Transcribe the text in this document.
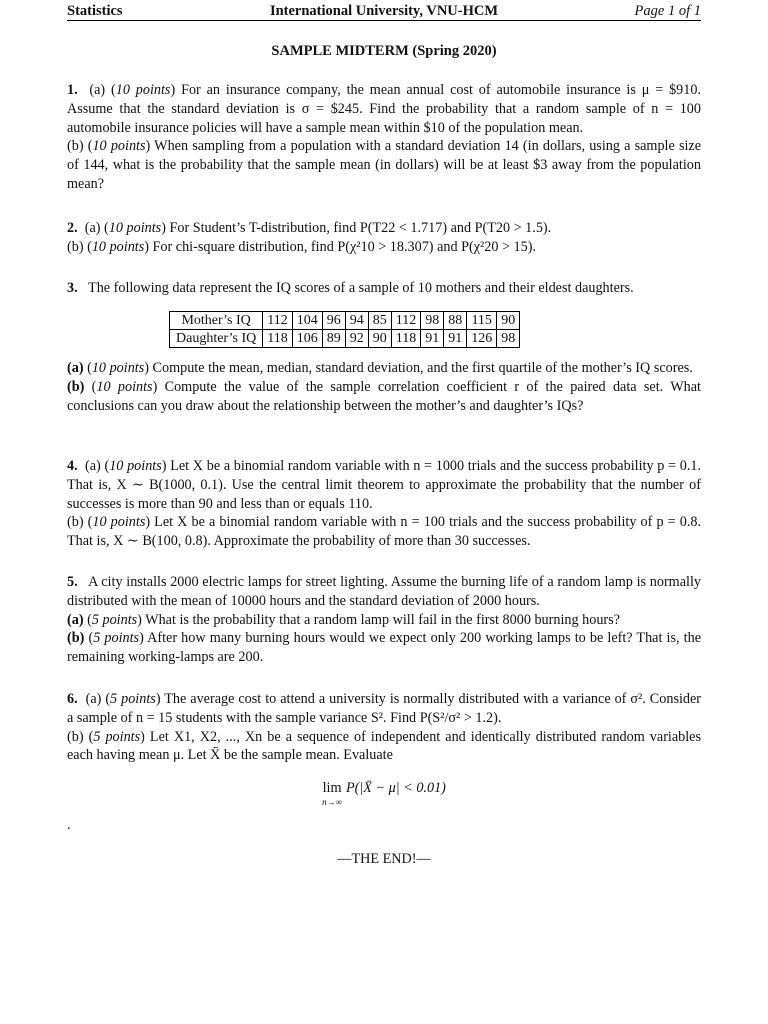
Statistics	International University, VNU-HCM	Page 1 of 1
SAMPLE MIDTERM (Spring 2020)

1. (a) (10 points) For an insurance company, the mean annual cost of automobile insurance is μ = $910. Assume that the standard deviation is σ = $245. Find the probability that a random sample of n = 100 automobile insurance policies will have a sample mean within $10 of the population mean.

(b) (10 points) When sampling from a population with a standard deviation 14 (in dollars, using a sample size of 144, what is the probability that the sample mean (in dollars) will be at least $3 away from the population mean?

2. (a) (10 points) For Student’s T-distribution, find P(T22 < 1.717) and P(T20 > 1.5).

(b) (10 points) For chi-square distribution, find P(χ²10 > 18.307) and P(χ²20 > 15).

3. The following data represent the IQ scores of a sample of 10 mothers and their eldest daughters.

Mother’s IQ	112	104	96	94	85	112	98	88	115	90
Daughter’s IQ	118	106	89	92	90	118	91	91	126	98

(a) (10 points) Compute the mean, median, standard deviation, and the first quartile of the mother’s IQ scores.

(b) (10 points) Compute the value of the sample correlation coefficient r of the paired data set. What conclusions can you draw about the relationship between the mother’s and daughter’s IQs?

4. (a) (10 points) Let X be a binomial random variable with n = 1000 trials and the success probability p = 0.1. That is, X ∼ B(1000, 0.1). Use the central limit theorem to approximate the probability that the number of successes is more than 90 and less than or equals 110.

(b) (10 points) Let X be a binomial random variable with n = 100 trials and the success probability of p = 0.8. That is, X ∼ B(100, 0.8). Approximate the probability of more than 30 successes.

5. A city installs 2000 electric lamps for street lighting. Assume the burning life of a random lamp is normally distributed with the mean of 10000 hours and the standard deviation of 2000 hours.

(a) (5 points) What is the probability that a random lamp will fail in the first 8000 burning hours?

(b) (5 points) After how many burning hours would we expect only 200 working lamps to be left? That is, the remaining working-lamps are 200.

6. (a) (5 points) The average cost to attend a university is normally distributed with a variance of σ². Consider a sample of n = 15 students with the sample variance S². Find P(S²/σ² > 1.2).

(b) (5 points) Let X1, X2, ..., Xn be a sequence of independent and identically distributed random variables each having mean μ. Let X̄ be the sample mean. Evaluate

lim
n→∞
P(|X̄ − μ| < 0.01)
.
—THE END!—
